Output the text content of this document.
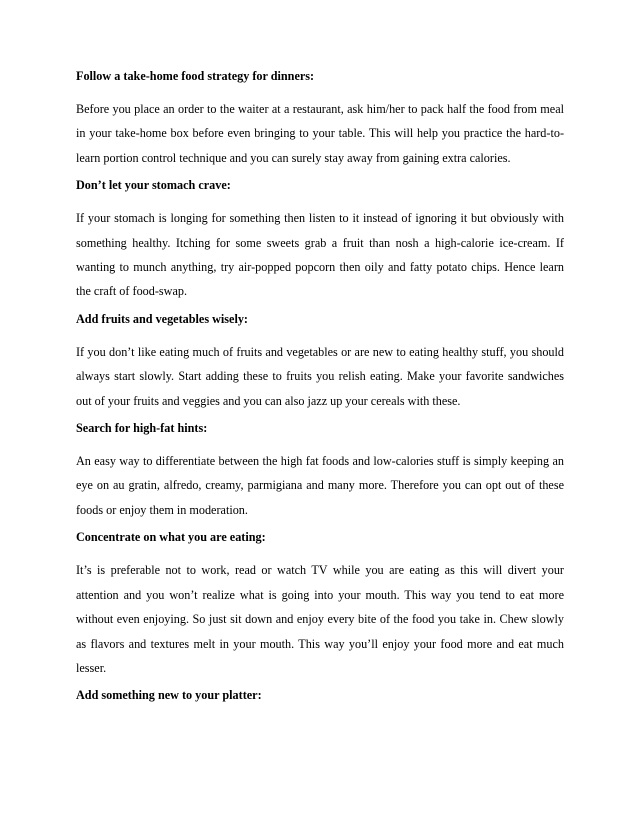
Follow a take-home food strategy for dinners:

Before you place an order to the waiter at a restaurant, ask him/her to pack half the food from meal in your take-home box before even bringing to your table. This will help you practice the hard-to-learn portion control technique and you can surely stay away from gaining extra calories.

Don’t let your stomach crave:

If your stomach is longing for something then listen to it instead of ignoring it but obviously with something healthy. Itching for some sweets grab a fruit than nosh a high-calorie ice-cream. If wanting to munch anything, try air-popped popcorn then oily and fatty potato chips. Hence learn the craft of food-swap.

Add fruits and vegetables wisely:

If you don’t like eating much of fruits and vegetables or are new to eating healthy stuff, you should always start slowly. Start adding these to fruits you relish eating. Make your favorite sandwiches out of your fruits and veggies and you can also jazz up your cereals with these.

Search for high-fat hints:

An easy way to differentiate between the high fat foods and low-calories stuff is simply keeping an eye on au gratin, alfredo, creamy, parmigiana and many more. Therefore you can opt out of these foods or enjoy them in moderation.

Concentrate on what you are eating:

It’s is preferable not to work, read or watch TV while you are eating as this will divert your attention and you won’t realize what is going into your mouth. This way you tend to eat more without even enjoying. So just sit down and enjoy every bite of the food you take in. Chew slowly as flavors and textures melt in your mouth. This way you’ll enjoy your food more and eat much lesser.

Add something new to your platter:
